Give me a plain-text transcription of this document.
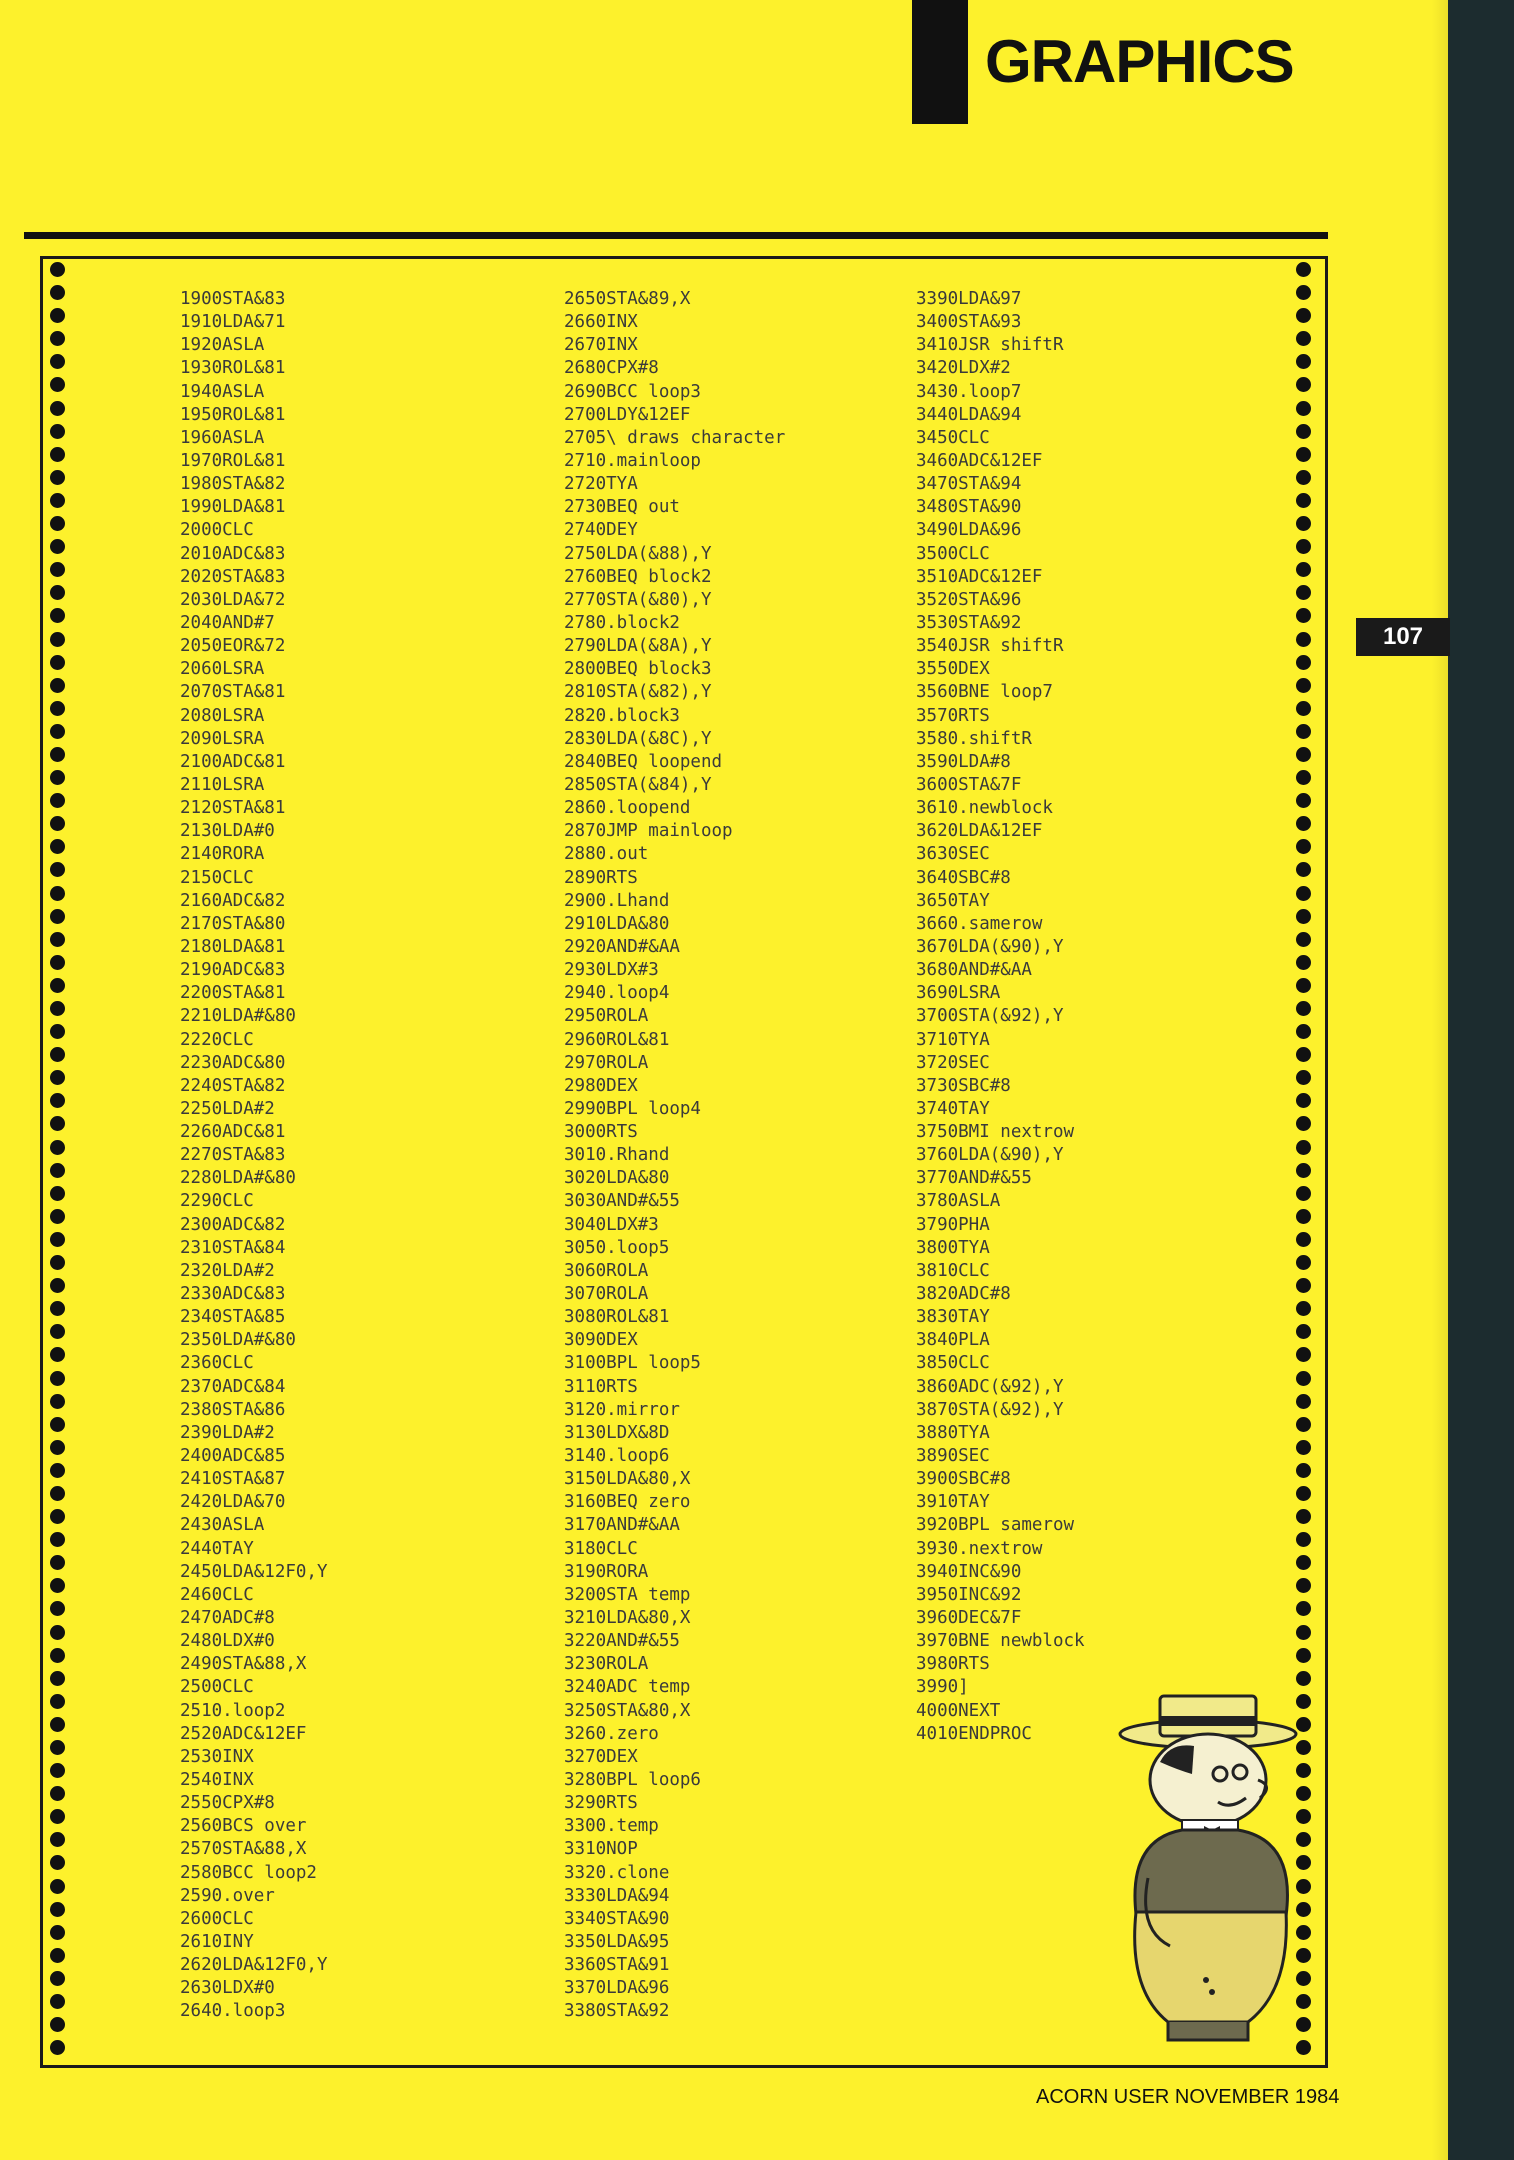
GRAPHICS
1900STA&83
1910LDA&71
1920ASLA
1930ROL&81
1940ASLA
1950ROL&81
1960ASLA
1970ROL&81
1980STA&82
1990LDA&81
2000CLC
2010ADC&83
2020STA&83
2030LDA&72
2040AND#7
2050EOR&72
2060LSRA
2070STA&81
2080LSRA
2090LSRA
2100ADC&81
2110LSRA
2120STA&81
2130LDA#0
2140RORA
2150CLC
2160ADC&82
2170STA&80
2180LDA&81
2190ADC&83
2200STA&81
2210LDA#&80
2220CLC
2230ADC&80
2240STA&82
2250LDA#2
2260ADC&81
2270STA&83
2280LDA#&80
2290CLC
2300ADC&82
2310STA&84
2320LDA#2
2330ADC&83
2340STA&85
2350LDA#&80
2360CLC
2370ADC&84
2380STA&86
2390LDA#2
2400ADC&85
2410STA&87
2420LDA&70
2430ASLA
2440TAY
2450LDA&12F0,Y
2460CLC
2470ADC#8
2480LDX#0
2490STA&88,X
2500CLC
2510.loop2
2520ADC&12EF
2530INX
2540INX
2550CPX#8
2560BCS over
2570STA&88,X
2580BCC loop2
2590.over
2600CLC
2610INY
2620LDA&12F0,Y
2630LDX#0
2640.loop3
2650STA&89,X
2660INX
2670INX
2680CPX#8
2690BCC loop3
2700LDY&12EF
2705\ draws character
2710.mainloop
2720TYA
2730BEQ out
2740DEY
2750LDA(&88),Y
2760BEQ block2
2770STA(&80),Y
2780.block2
2790LDA(&8A),Y
2800BEQ block3
2810STA(&82),Y
2820.block3
2830LDA(&8C),Y
2840BEQ loopend
2850STA(&84),Y
2860.loopend
2870JMP mainloop
2880.out
2890RTS
2900.Lhand
2910LDA&80
2920AND#&AA
2930LDX#3
2940.loop4
2950ROLA
2960ROL&81
2970ROLA
2980DEX
2990BPL loop4
3000RTS
3010.Rhand
3020LDA&80
3030AND#&55
3040LDX#3
3050.loop5
3060ROLA
3070ROLA
3080ROL&81
3090DEX
3100BPL loop5
3110RTS
3120.mirror
3130LDX&8D
3140.loop6
3150LDA&80,X
3160BEQ zero
3170AND#&AA
3180CLC
3190RORA
3200STA temp
3210LDA&80,X
3220AND#&55
3230ROLA
3240ADC temp
3250STA&80,X
3260.zero
3270DEX
3280BPL loop6
3290RTS
3300.temp
3310NOP
3320.clone
3330LDA&94
3340STA&90
3350LDA&95
3360STA&91
3370LDA&96
3380STA&92
3390LDA&97
3400STA&93
3410JSR shiftR
3420LDX#2
3430.loop7
3440LDA&94
3450CLC
3460ADC&12EF
3470STA&94
3480STA&90
3490LDA&96
3500CLC
3510ADC&12EF
3520STA&96
3530STA&92
3540JSR shiftR
3550DEX
3560BNE loop7
3570RTS
3580.shiftR
3590LDA#8
3600STA&7F
3610.newblock
3620LDA&12EF
3630SEC
3640SBC#8
3650TAY
3660.samerow
3670LDA(&90),Y
3680AND#&AA
3690LSRA
3700STA(&92),Y
3710TYA
3720SEC
3730SBC#8
3740TAY
3750BMI nextrow
3760LDA(&90),Y
3770AND#&55
3780ASLA
3790PHA
3800TYA
3810CLC
3820ADC#8
3830TAY
3840PLA
3850CLC
3860ADC(&92),Y
3870STA(&92),Y
3880TYA
3890SEC
3900SBC#8
3910TAY
3920BPL samerow
3930.nextrow
3940INC&90
3950INC&92
3960DEC&7F
3970BNE newblock
3980RTS
3990]
4000NEXT
4010ENDPROC
107
ACORN USER NOVEMBER 1984
